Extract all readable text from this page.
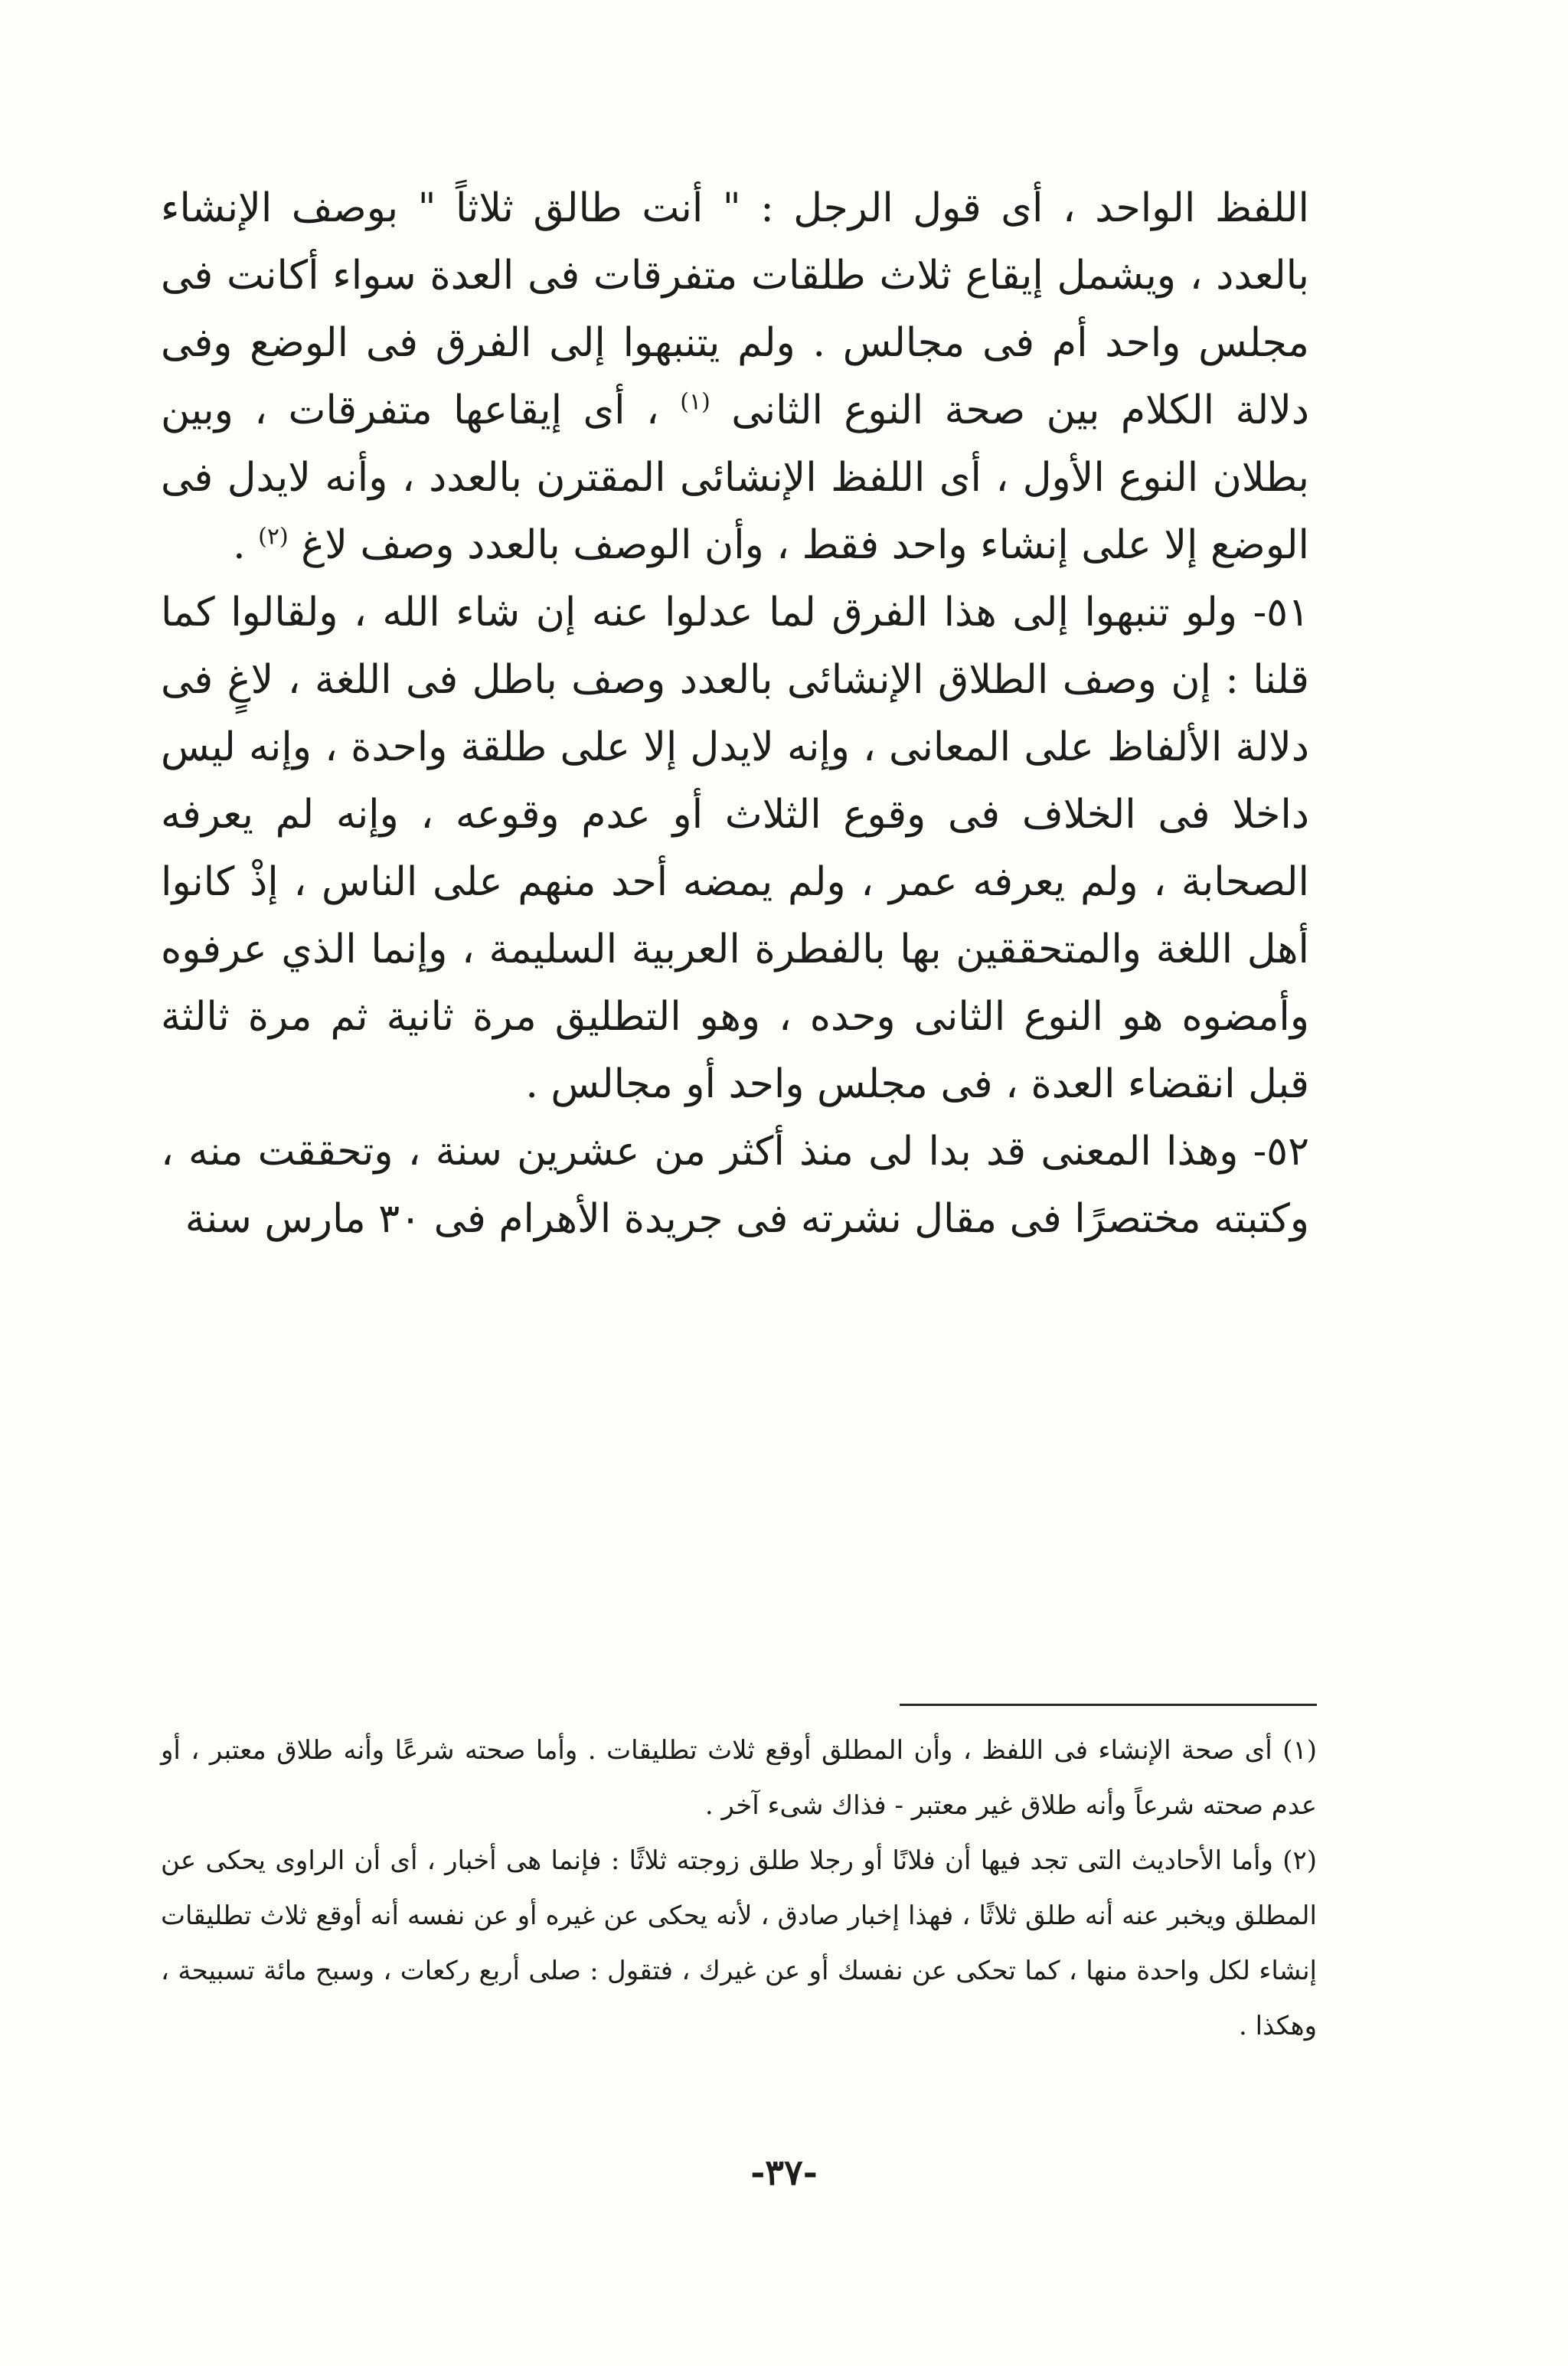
اللفظ الواحد ، أى قول الرجل : " أنت طالق ثلاثاً " بوصف الإنشاء بالعدد ، ويشمل إيقاع ثلاث طلقات متفرقات فى العدة سواء أكانت فى مجلس واحد أم فى مجالس . ولم يتنبهوا إلى الفرق فى الوضع وفى دلالة الكلام بين صحة النوع الثانى $^{(١)}$ ، أى إيقاعها متفرقات ، وبين بطلان النوع الأول ، أى اللفظ الإنشائى المقترن بالعدد ، وأنه لايدل فى الوضع إلا على إنشاء واحد فقط ، وأن الوصف بالعدد وصف لاغ $^{(٢)}$ .

٥١- ولو تنبهوا إلى هذا الفرق لما عدلوا عنه إن شاء الله ، ولقالوا كما قلنا : إن وصف الطلاق الإنشائى بالعدد وصف باطل فى اللغة ، لاغٍ فى دلالة الألفاظ على المعانى ، وإنه لايدل إلا على طلقة واحدة ، وإنه ليس داخلا فى الخلاف فى وقوع الثلاث أو عدم وقوعه ، وإنه لم يعرفه الصحابة ، ولم يعرفه عمر ، ولم يمضه أحد منهم على الناس ، إذْ كانوا أهل اللغة والمتحققين بها بالفطرة العربية السليمة ، وإنما الذي عرفوه وأمضوه هو النوع الثانى وحده ، وهو التطليق مرة ثانية ثم مرة ثالثة قبل انقضاء العدة ، فى مجلس واحد أو مجالس .

٥٢- وهذا المعنى قد بدا لى منذ أكثر من عشرين سنة ، وتحققت منه ، وكتبته مختصرًا فى مقال نشرته فى جريدة الأهرام فى ٣٠ مارس سنة

(١) أى صحة الإنشاء فى اللفظ ، وأن المطلق أوقع ثلاث تطليقات . وأما صحته شرعًا وأنه طلاق معتبر ، أو عدم صحته شرعاً وأنه طلاق غير معتبر - فذاك شىء آخر .

(٢) وأما الأحاديث التى تجد فيها أن فلانًا أو رجلا طلق زوجته ثلاثًا : فإنما هى أخبار ، أى أن الراوى يحكى عن المطلق ويخبر عنه أنه طلق ثلاثًا ، فهذا إخبار صادق ، لأنه يحكى عن غيره أو عن نفسه أنه أوقع ثلاث تطليقات إنشاء لكل واحدة منها ، كما تحكى عن نفسك أو عن غيرك ، فتقول : صلى أربع ركعات ، وسبح مائة تسبيحة ، وهكذا .

-٣٧-
